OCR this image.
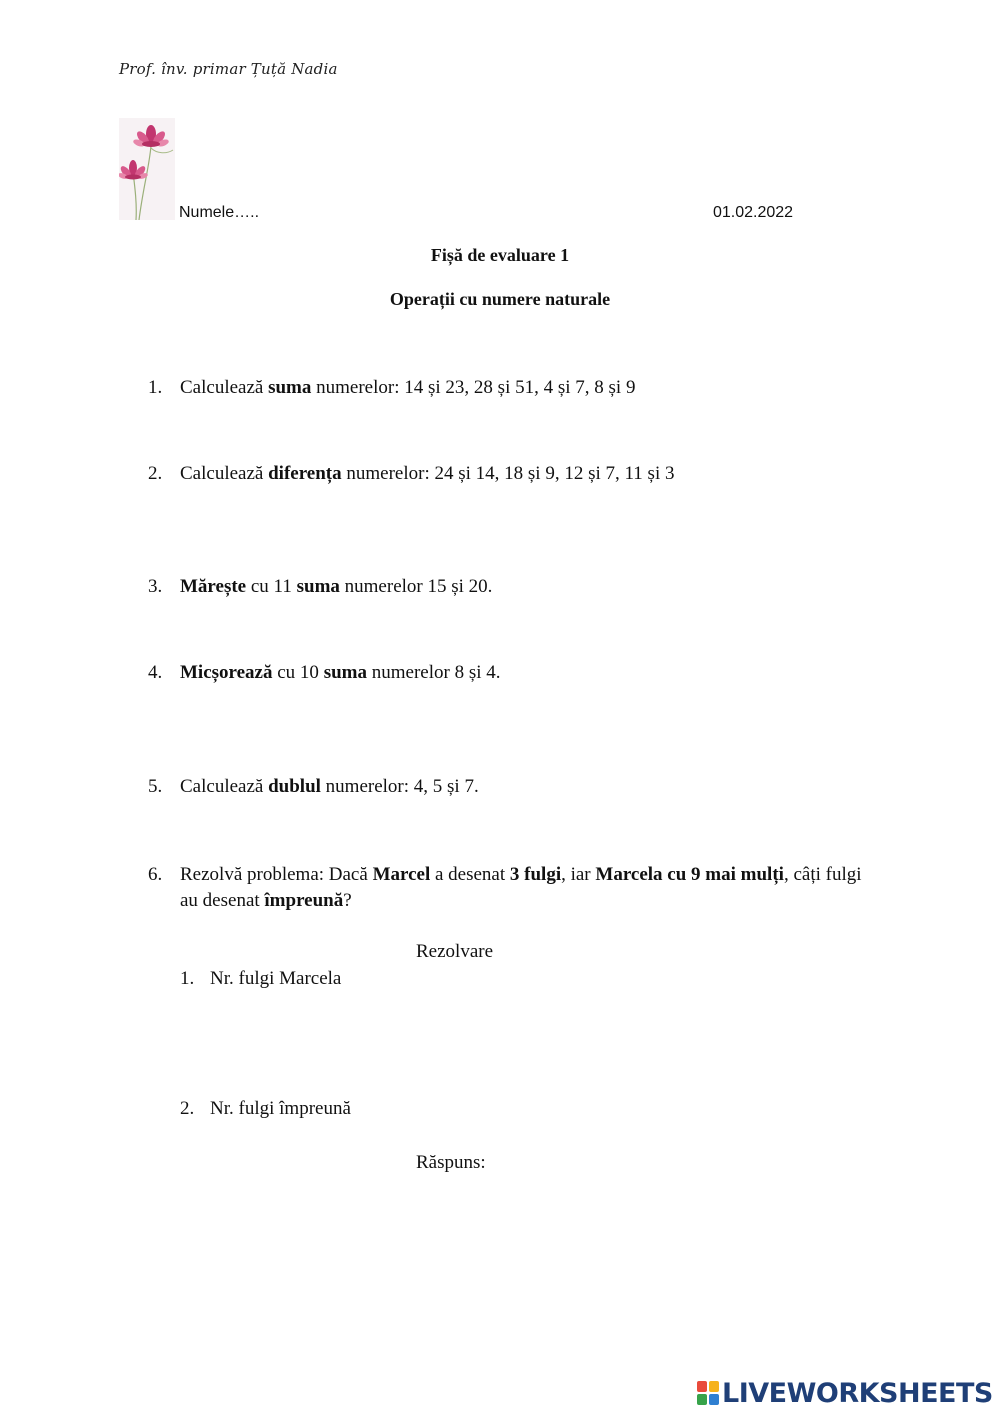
Prof. înv. primar Țuță Nadia
Numele…..	01.02.2022
Fișă de evaluare 1
Operații cu numere naturale
1. Calculează suma numerelor: 14 și 23, 28 și 51, 4 și 7, 8 și 9
2. Calculează diferența numerelor: 24 și 14, 18 și 9, 12 și 7, 11 și 3
3. Mărește cu 11 suma numerelor 15 și 20.
4. Micșorează cu 10 suma numerelor 8 și 4.
5. Calculează dublul numerelor: 4, 5 și 7.
6. Rezolvă problema: Dacă Marcel a desenat 3 fulgi, iar Marcela cu 9 mai mulți, câți fulgi au desenat împreună?
Rezolvare
1. Nr. fulgi Marcela
2. Nr. fulgi împreună
Răspuns:
LIVEWORKSHEETS
